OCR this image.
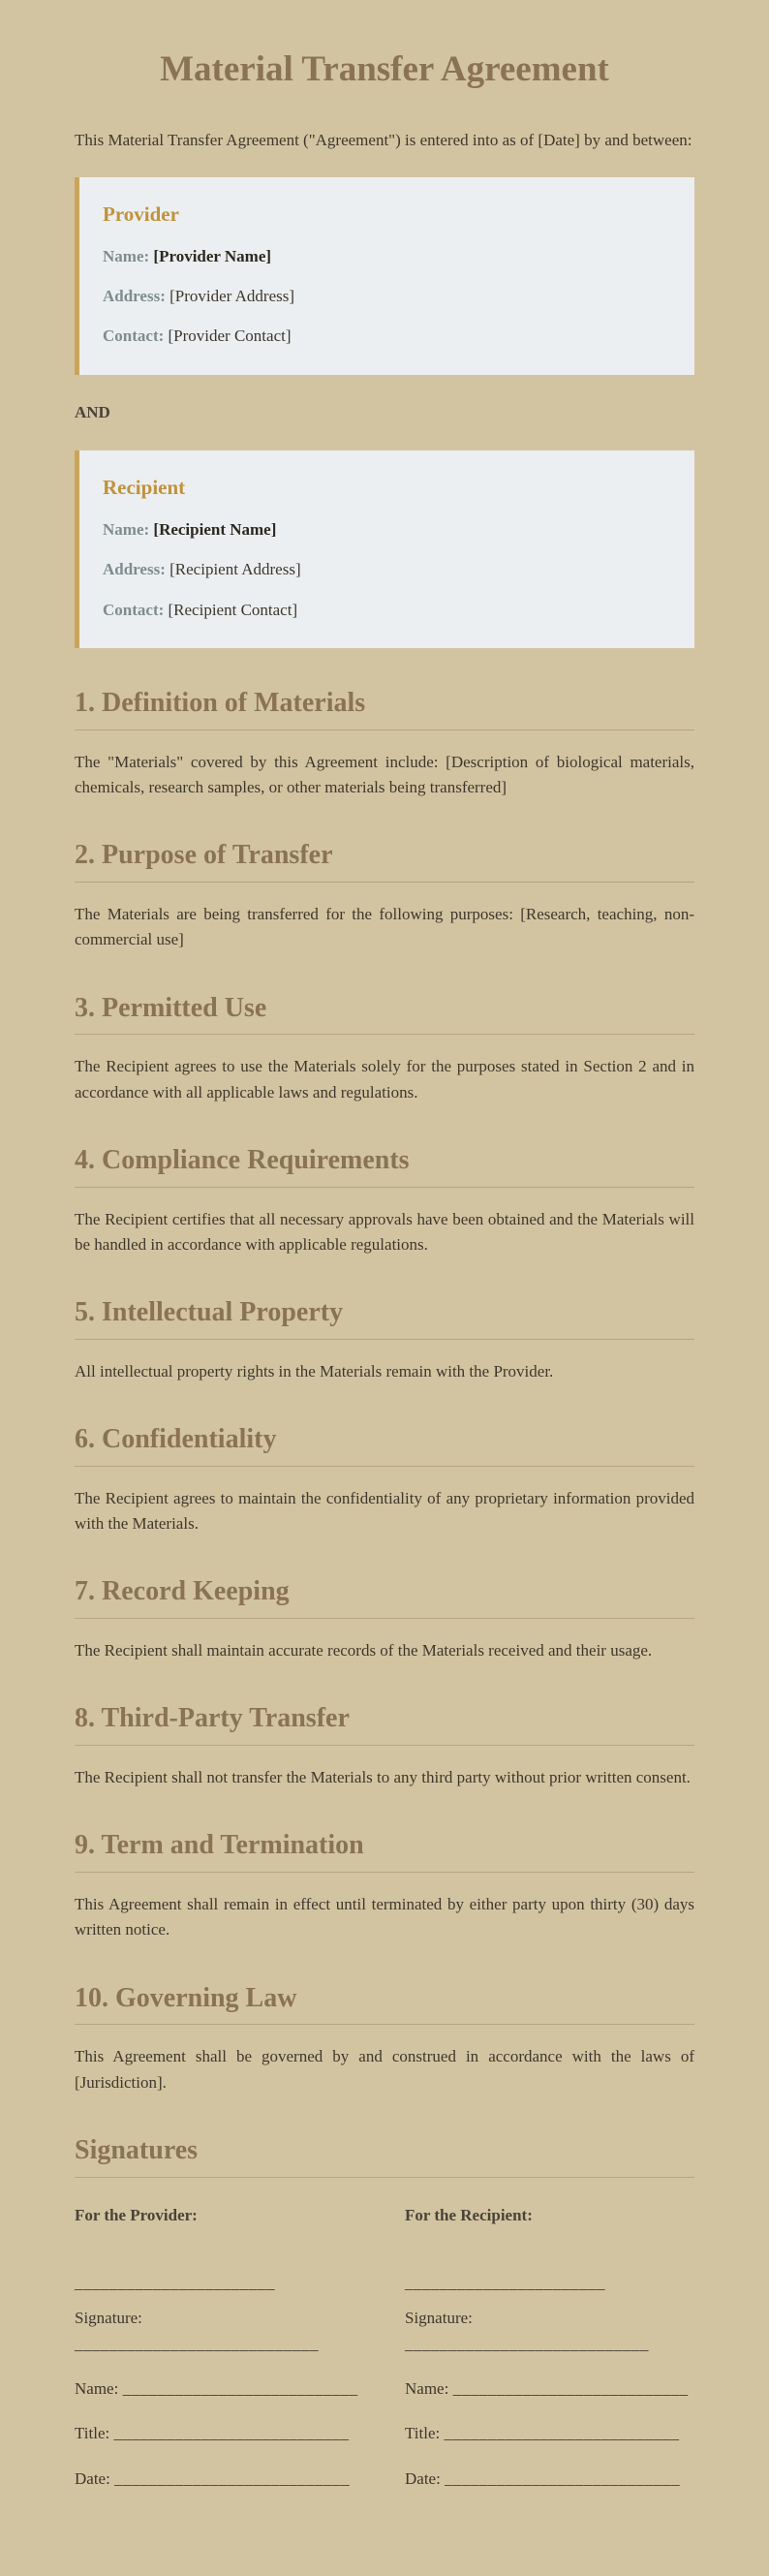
Material Transfer Agreement

This Material Transfer Agreement ("Agreement") is entered into as of [Date] by and between:

Provider

Name: [Provider Name]

Address: [Provider Address]

Contact: [Provider Contact]

AND

Recipient

Name: [Recipient Name]

Address: [Recipient Address]

Contact: [Recipient Contact]

1. Definition of Materials

The "Materials" covered by this Agreement include: [Description of biological materials, chemicals, research samples, or other materials being transferred]

2. Purpose of Transfer

The Materials are being transferred for the following purposes: [Research, teaching, non-commercial use]

3. Permitted Use

The Recipient agrees to use the Materials solely for the purposes stated in Section 2 and in accordance with all applicable laws and regulations.

4. Compliance Requirements

The Recipient certifies that all necessary approvals have been obtained and the Materials will be handled in accordance with applicable regulations.

5. Intellectual Property

All intellectual property rights in the Materials remain with the Provider.

6. Confidentiality

The Recipient agrees to maintain the confidentiality of any proprietary information provided with the Materials.

7. Record Keeping

The Recipient shall maintain accurate records of the Materials received and their usage.

8. Third-Party Transfer

The Recipient shall not transfer the Materials to any third party without prior written consent.

9. Term and Termination

This Agreement shall remain in effect until terminated by either party upon thirty (30) days written notice.

10. Governing Law

This Agreement shall be governed by and construed in accordance with the laws of [Jurisdiction].

Signatures

For the Provider:

_______________________

Signature:
____________________________

Name: ___________________________

Title: ___________________________

Date: ___________________________

For the Recipient:

_______________________

Signature:
____________________________

Name: ___________________________

Title: ___________________________

Date: ___________________________
